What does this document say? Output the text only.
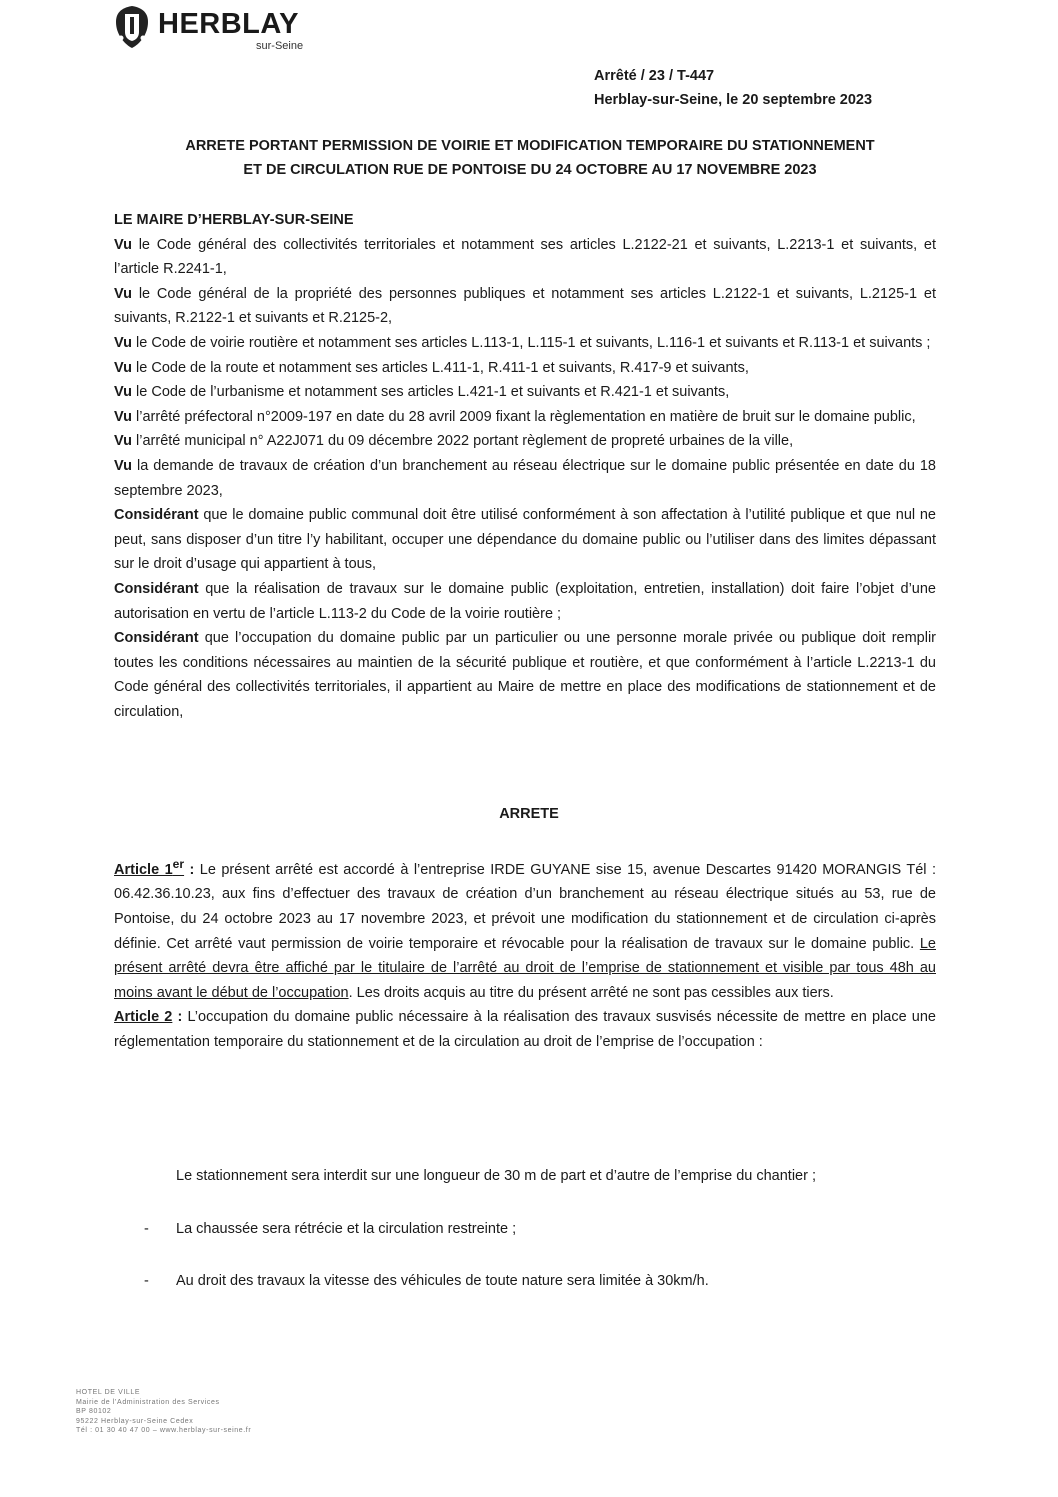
HERBLAY
sur-Seine
Arrêté / 23 / T-447
Herblay-sur-Seine, le 20 septembre 2023
ARRETE PORTANT PERMISSION DE VOIRIE ET MODIFICATION TEMPORAIRE DU STATIONNEMENT
ET DE CIRCULATION RUE DE PONTOISE DU 24 OCTOBRE AU 17 NOVEMBRE 2023

LE MAIRE D’HERBLAY-SUR-SEINE

Vu le Code général des collectivités territoriales et notamment ses articles L.2122-21 et suivants, L.2213-1 et suivants, et l’article R.2241-1,

Vu le Code général de la propriété des personnes publiques et notamment ses articles L.2122-1 et suivants, L.2125-1 et suivants, R.2122-1 et suivants et R.2125-2,

Vu le Code de voirie routière et notamment ses articles L.113-1, L.115-1 et suivants, L.116-1 et suivants et R.113-1 et suivants ;

Vu le Code de la route et notamment ses articles L.411-1, R.411-1 et suivants, R.417-9 et suivants,

Vu le Code de l’urbanisme et notamment ses articles L.421-1 et suivants et R.421-1 et suivants,

Vu l’arrêté préfectoral n°2009-197 en date du 28 avril 2009 fixant la règlementation en matière de bruit sur le domaine public,

Vu l’arrêté municipal n° A22J071 du 09 décembre 2022 portant règlement de propreté urbaines de la ville,

Vu la demande de travaux de création d’un branchement au réseau électrique sur le domaine public présentée en date du 18 septembre 2023,

Considérant que le domaine public communal doit être utilisé conformément à son affectation à l’utilité publique et que nul ne peut, sans disposer d’un titre l’y habilitant, occuper une dépendance du domaine public ou l’utiliser dans des limites dépassant sur le droit d’usage qui appartient à tous,

Considérant que la réalisation de travaux sur le domaine public (exploitation, entretien, installation) doit faire l’objet d’une autorisation en vertu de l’article L.113-2 du Code de la voirie routière ;

Considérant que l’occupation du domaine public par un particulier ou une personne morale privée ou publique doit remplir toutes les conditions nécessaires au maintien de la sécurité publique et routière, et que conformément à l’article L.2213-1 du Code général des collectivités territoriales, il appartient au Maire de mettre en place des modifications de stationnement et de circulation,

ARRETE

Article 1er : Le présent arrêté est accordé à l’entreprise IRDE GUYANE sise 15, avenue Descartes 91420 MORANGIS Tél : 06.42.36.10.23, aux fins d’effectuer des travaux de création d’un branchement au réseau électrique situés au 53, rue de Pontoise, du 24 octobre 2023 au 17 novembre 2023, et prévoit une modification du stationnement et de circulation ci-après définie. Cet arrêté vaut permission de voirie temporaire et révocable pour la réalisation de travaux sur le domaine public. Le présent arrêté devra être affiché par le titulaire de l’arrêté au droit de l’emprise de stationnement et visible par tous 48h au moins avant le début de l’occupation. Les droits acquis au titre du présent arrêté ne sont pas cessibles aux tiers.

Article 2 : L’occupation du domaine public nécessaire à la réalisation des travaux susvisés nécessite de mettre en place une réglementation temporaire du stationnement et de la circulation au droit de l’emprise de l’occupation :

Le stationnement sera interdit sur une longueur de 30 m de part et d’autre de l’emprise du chantier ;
- La chaussée sera rétrécie et la circulation restreinte ;
- Au droit des travaux la vitesse des véhicules de toute nature sera limitée à 30km/h.
HOTEL DE VILLE
Mairie de l’Administration des Services
BP 80102
95222 Herblay-sur-Seine Cedex
Tél : 01 30 40 47 00 – www.herblay-sur-seine.fr
